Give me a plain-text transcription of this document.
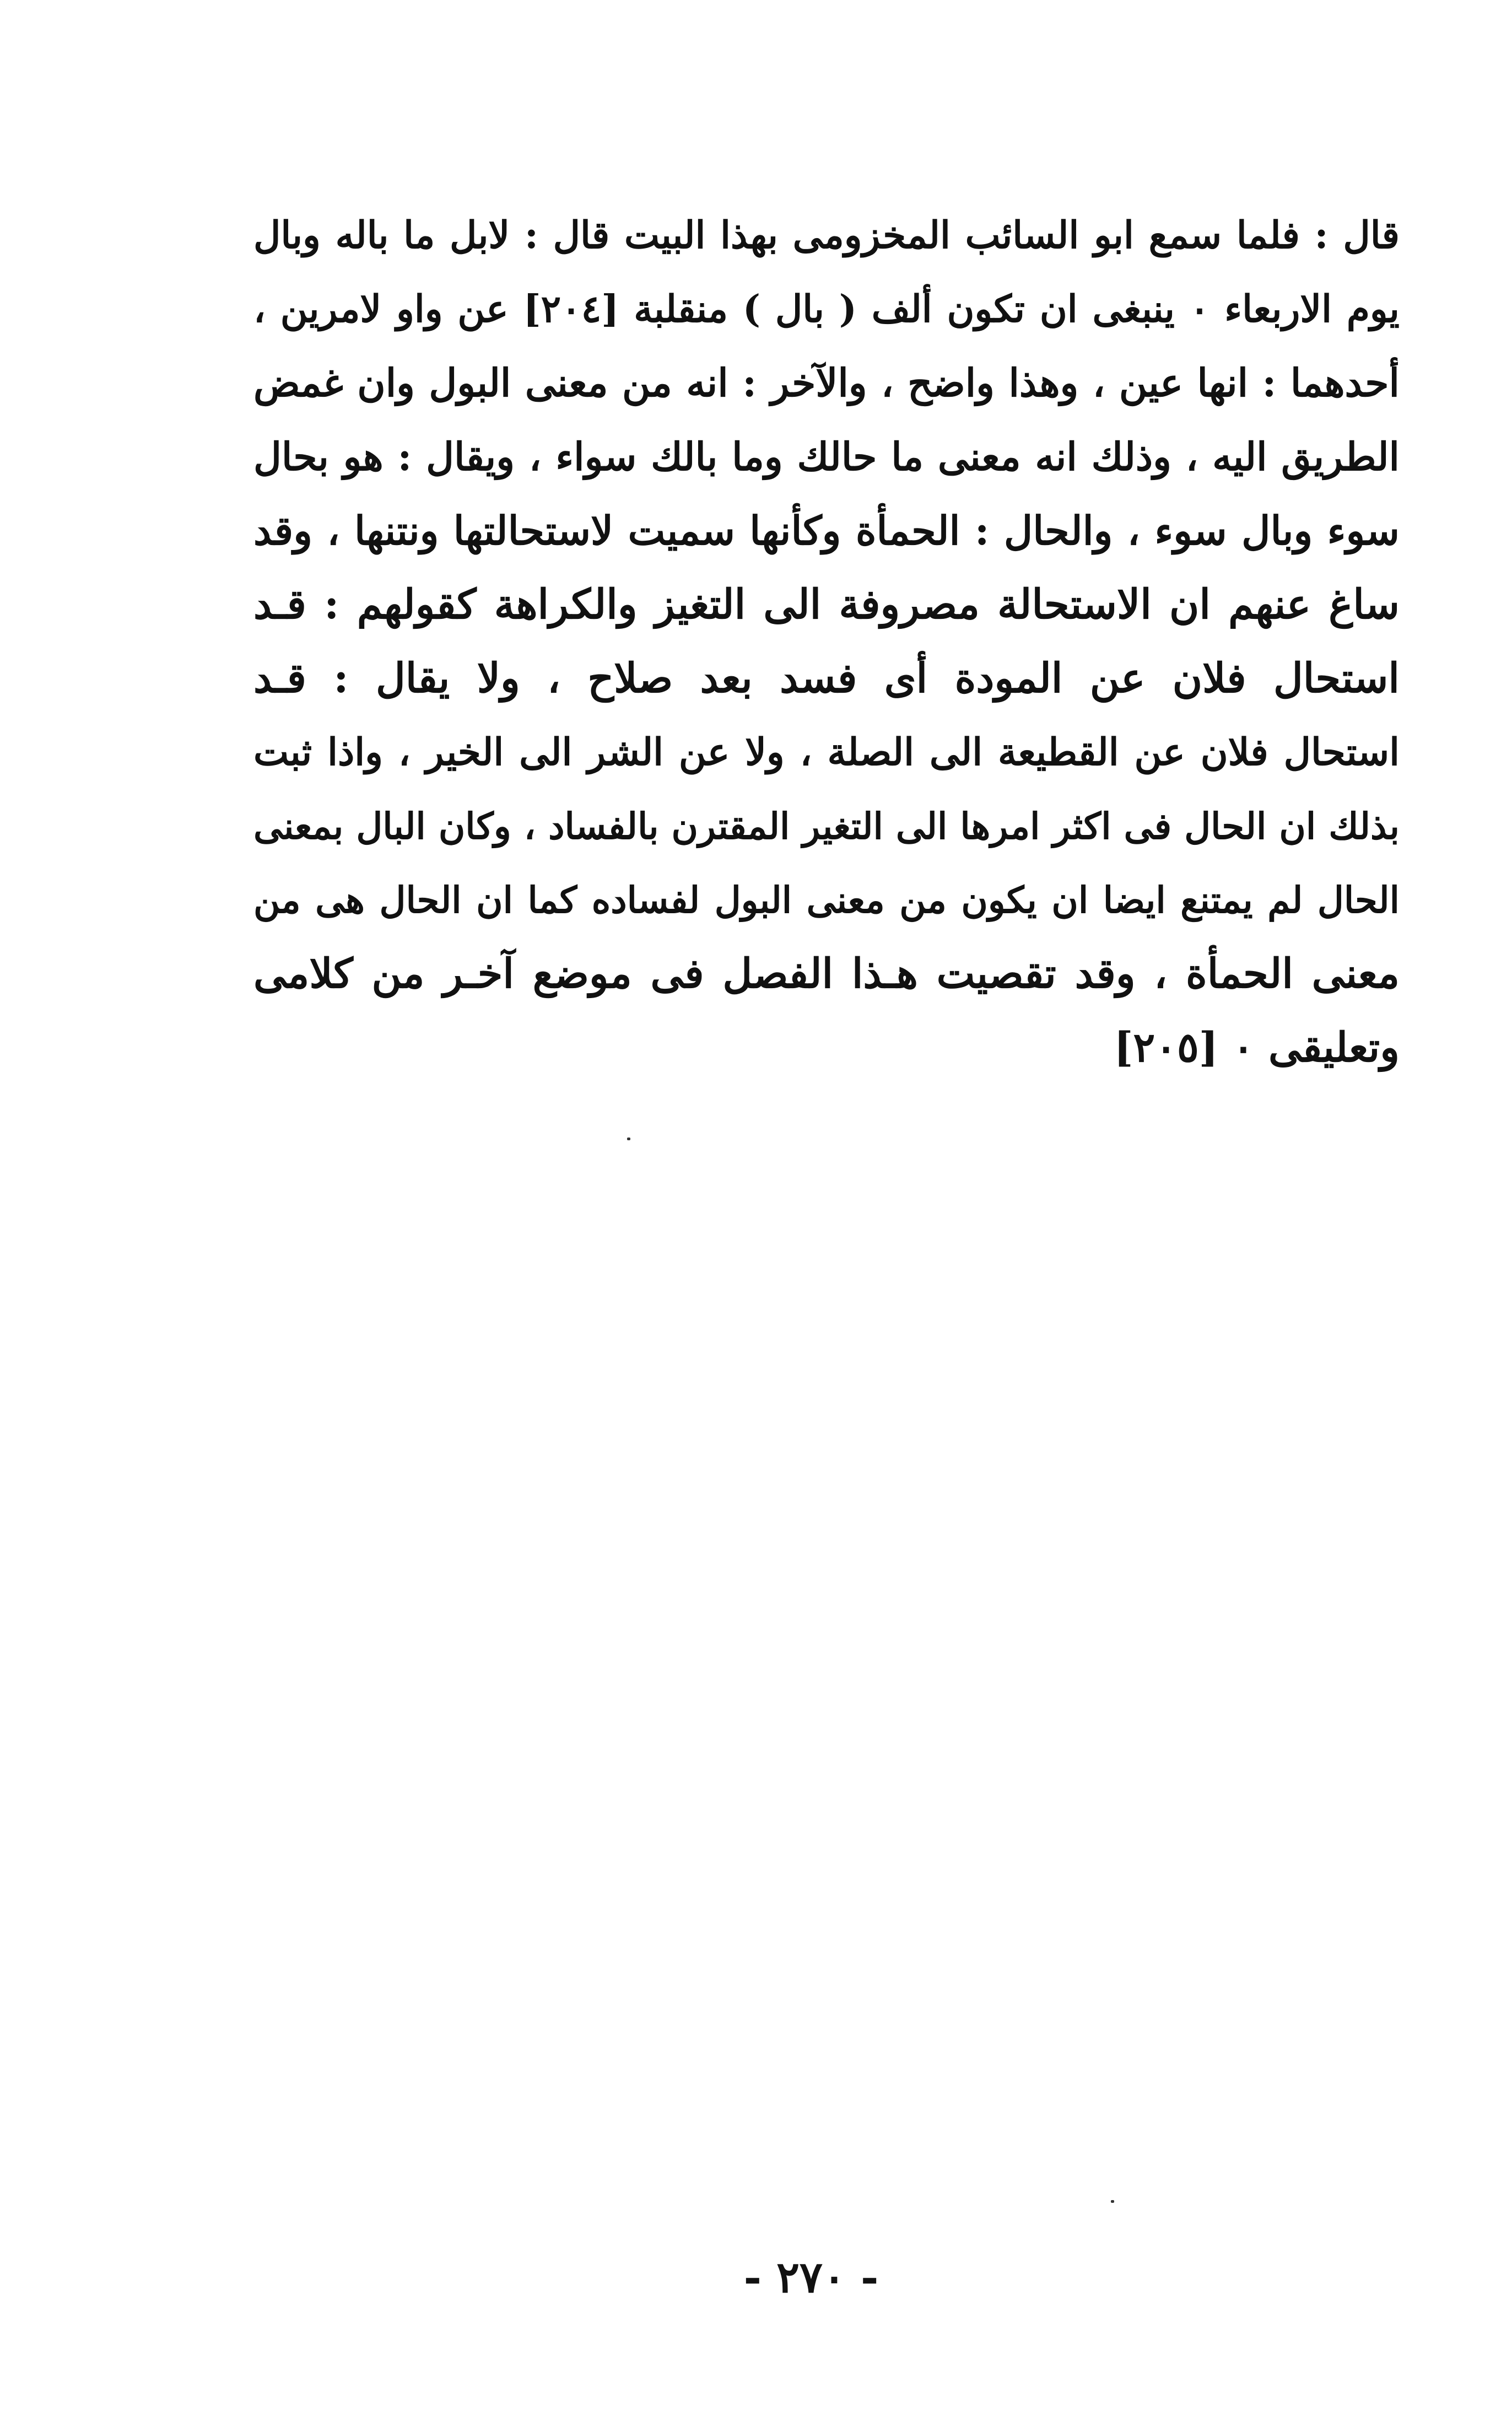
قال : فلما سمع ابو السائب المخزومى بهذا البيت قال : لابل ما باله وبال
يوم الاربعاء ٠ ينبغى ان تكون ألف ( بال ) منقلبة [٢٠٤] عن واو لامرين ،
أحدهما : انها عين ، وهذا واضح ، والآخر : انه من معنى البول وان غمض
الطريق اليه ، وذلك انه معنى ما حالك وما بالك سواء ، ويقال : هو بحال
سوء وبال سوء ، والحال : الحمأة وكأنها سميت لاستحالتها ونتنها ، وقد
ساغ عنهم ان الاستحالة مصروفة الى التغيز والكراهة كقولهم : قـد
استحال فلان عن المودة أى فسد بعد صلاح ، ولا يقال : قـد
استحال فلان عن القطيعة الى الصلة ، ولا عن الشر الى الخير ، واذا ثبت
بذلك ان الحال فى اكثر امرها الى التغير المقترن بالفساد ، وكان البال بمعنى
الحال لم يمتنع ايضا ان يكون من معنى البول لفساده كما ان الحال هى من
معنى الحمأة ، وقد تقصيت هـذا الفصل فى موضع آخـر من كلامى
وتعليقى ٠ [٢٠٥]
- ٢٧٠ -
